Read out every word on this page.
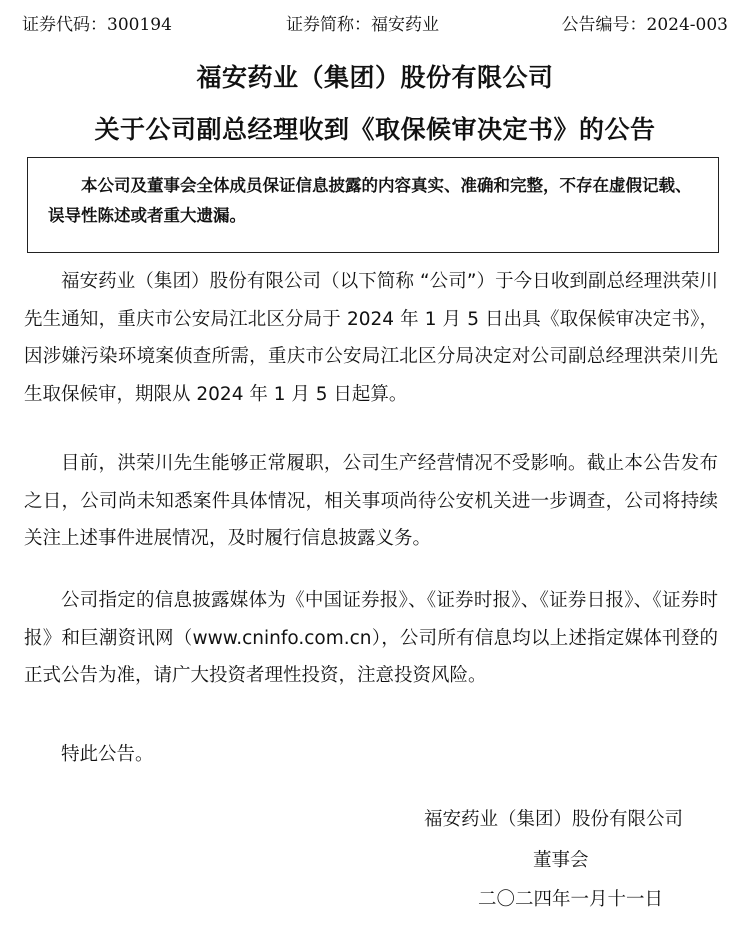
证券代码：300194	证券简称：福安药业	公告编号：2024-003
福安药业（集团）股份有限公司
关于公司副总经理收到《取保候审决定书》的公告
本公司及董事会全体成员保证信息披露的内容真实、准确和完整，不存在虚假记载、误导性陈述或者重大遗漏。
福安药业（集团）股份有限公司（以下简称 “公司”）于今日收到副总经理洪荣川先生通知，重庆市公安局江北区分局于 2024 年 1 月 5 日出具《取保候审决定书》，因涉嫌污染环境案侦查所需，重庆市公安局江北区分局决定对公司副总经理洪荣川先生取保候审，期限从 2024 年 1 月 5 日起算。
目前，洪荣川先生能够正常履职，公司生产经营情况不受影响。截止本公告发布之日，公司尚未知悉案件具体情况，相关事项尚待公安机关进一步调查，公司将持续关注上述事件进展情况，及时履行信息披露义务。
公司指定的信息披露媒体为《中国证券报》、《证券时报》、《证券日报》、《证券时报》和巨潮资讯网（www.cninfo.com.cn），公司所有信息均以上述指定媒体刊登的正式公告为准，请广大投资者理性投资，注意投资风险。
特此公告。
福安药业（集团）股份有限公司
董事会
二〇二四年一月十一日
